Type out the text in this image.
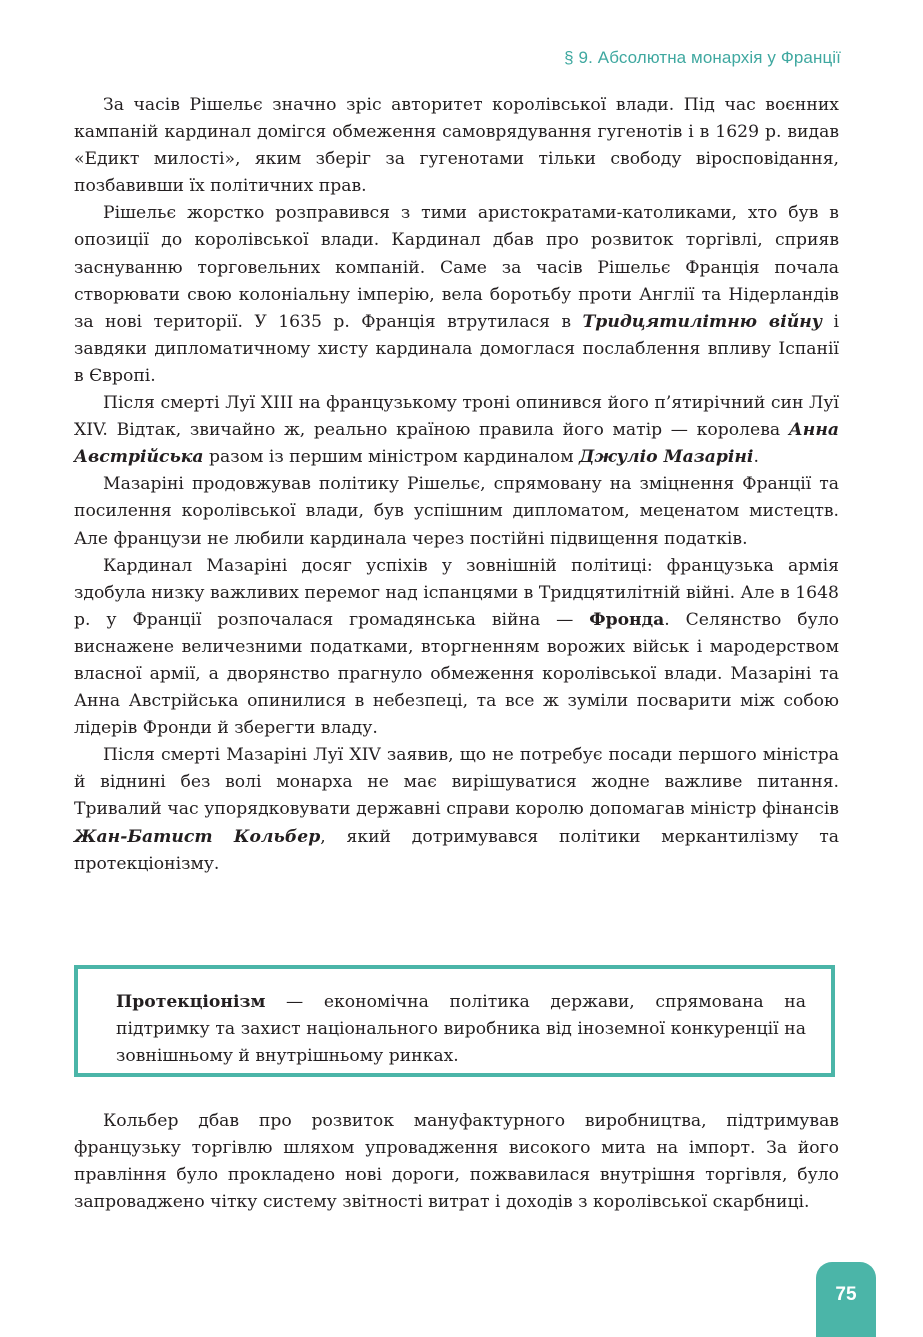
§ 9. Абсолютна монархія у Франції

За часів Рішельє значно зріс авторитет королівської влади. Під час воєнних кампаній кардинал домігся обмеження самоврядування гугенотів і в 1629 р. видав «Едикт милості», яким зберіг за гугенотами тільки свободу віросповідання, позбавивши їх політичних прав.

Рішельє жорстко розправився з тими аристократами-католиками, хто був в опозиції до королівської влади. Кардинал дбав про розвиток торгівлі, сприяв заснуванню торговельних компаній. Саме за часів Рішельє Франція почала створювати свою колоніальну імперію, вела боротьбу проти Англії та Нідерландів за нові території. У 1635 р. Франція втрутилася в Тридцятилітню війну і завдяки дипломатичному хисту кардинала домоглася послаблення впливу Іспанії в Європі.

Після смерті Луї XIII на французькому троні опинився його п’ятирічний син Луї XIV. Відтак, звичайно ж, реально країною правила його матір — королева Анна Австрійська разом із першим міністром кардиналом Джуліо Мазаріні.

Мазаріні продовжував політику Рішельє, спрямовану на зміцнення Франції та посилення королівської влади, був успішним дипломатом, меценатом мистецтв. Але французи не любили кардинала через постійні підвищення податків.

Кардинал Мазаріні досяг успіхів у зовнішній політиці: французька армія здобула низку важливих перемог над іспанцями в Тридцятилітній війні. Але в 1648 р. у Франції розпочалася громадянська війна — Фронда. Селянство було виснажене величезними податками, вторгненням ворожих військ і мародерством власної армії, а дворянство прагнуло обмеження королівської влади. Мазаріні та Анна Австрійська опинилися в небезпеці, та все ж зуміли посварити між собою лідерів Фронди й зберегти владу.

Після смерті Мазаріні Луї XIV заявив, що не потребує посади першого міністра й віднині без волі монарха не має вирішуватися жодне важливе питання. Тривалий час упорядковувати державні справи королю допомагав міністр фінансів Жан-Батист Кольбер, який дотримувався політики меркантилізму та протекціонізму.

Протекціонізм — економічна політика держави, спрямована на підтримку та захист національного виробника від іноземної конкуренції на зовнішньому й внутрішньому ринках.

Кольбер дбав про розвиток мануфактурного виробництва, підтримував французьку торгівлю шляхом упровадження високого мита на імпорт. За його правління було прокладено нові дороги, пожвавилася внутрішня торгівля, було запроваджено чітку систему звітності витрат і доходів з королівської скарбниці.

75
